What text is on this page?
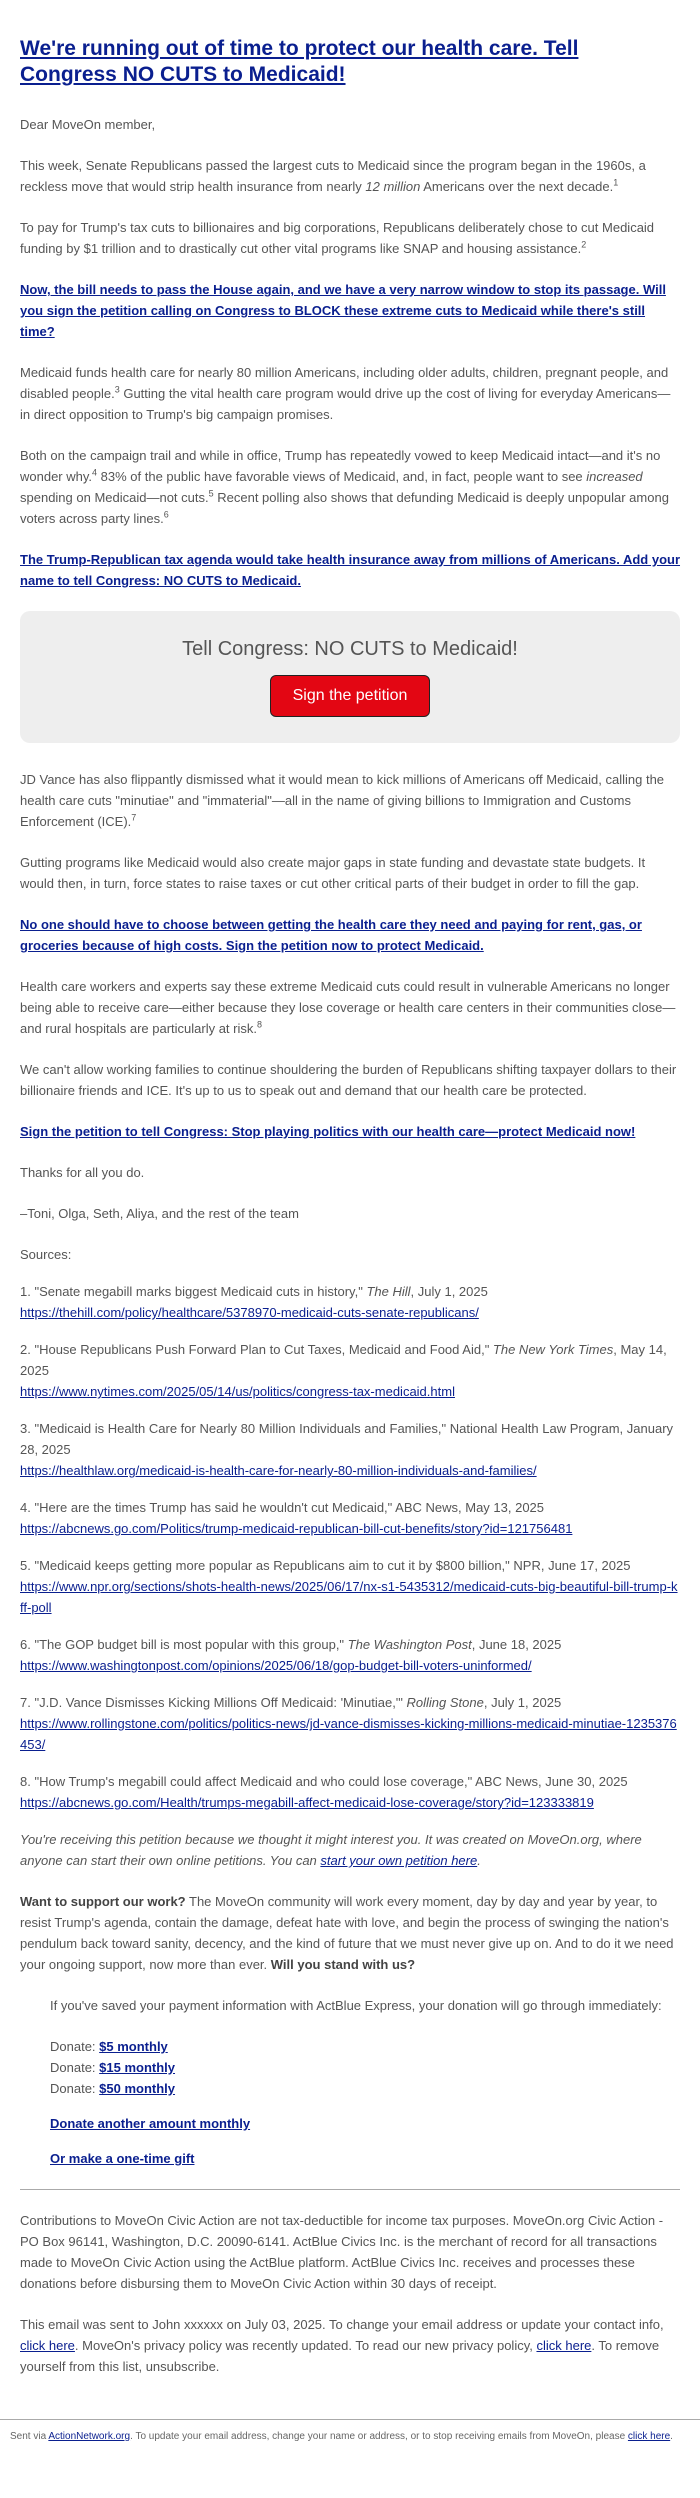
We're running out of time to protect our health care. Tell Congress NO CUTS to Medicaid!

Dear MoveOn member,

This week, Senate Republicans passed the largest cuts to Medicaid since the program began in the 1960s, a reckless move that would strip health insurance from nearly 12 million Americans over the next decade.$^1$

To pay for Trump's tax cuts to billionaires and big corporations, Republicans deliberately chose to cut Medicaid funding by $1 trillion and to drastically cut other vital programs like SNAP and housing assistance.$^2$

Now, the bill needs to pass the House again, and we have a very narrow window to stop its passage. Will you sign the petition calling on Congress to BLOCK these extreme cuts to Medicaid while there's still time?

Medicaid funds health care for nearly 80 million Americans, including older adults, children, pregnant people, and disabled people.$^3$ Gutting the vital health care program would drive up the cost of living for everyday Americans—in direct opposition to Trump's big campaign promises.

Both on the campaign trail and while in office, Trump has repeatedly vowed to keep Medicaid intact—and it's no wonder why.$^4$ 83% of the public have favorable views of Medicaid, and, in fact, people want to see increased spending on Medicaid—not cuts.$^5$ Recent polling also shows that defunding Medicaid is deeply unpopular among voters across party lines.$^6$

The Trump-Republican tax agenda would take health insurance away from millions of Americans. Add your name to tell Congress: NO CUTS to Medicaid.
Tell Congress: NO CUTS to Medicaid!
Sign the petition

JD Vance has also flippantly dismissed what it would mean to kick millions of Americans off Medicaid, calling the health care cuts "minutiae" and "immaterial"—all in the name of giving billions to Immigration and Customs Enforcement (ICE).$^7$

Gutting programs like Medicaid would also create major gaps in state funding and devastate state budgets. It would then, in turn, force states to raise taxes or cut other critical parts of their budget in order to fill the gap.

No one should have to choose between getting the health care they need and paying for rent, gas, or groceries because of high costs. Sign the petition now to protect Medicaid.

Health care workers and experts say these extreme Medicaid cuts could result in vulnerable Americans no longer being able to receive care—either because they lose coverage or health care centers in their communities close—and rural hospitals are particularly at risk.$^8$

We can't allow working families to continue shouldering the burden of Republicans shifting taxpayer dollars to their billionaire friends and ICE. It's up to us to speak out and demand that our health care be protected.

Sign the petition to tell Congress: Stop playing politics with our health care—protect Medicaid now!

Thanks for all you do.

–Toni, Olga, Seth, Aliya, and the rest of the team

Sources:

1. "Senate megabill marks biggest Medicaid cuts in history," The Hill, July 1, 2025
https://thehill.com/policy/healthcare/5378970-medicaid-cuts-senate-republicans/
2. "House Republicans Push Forward Plan to Cut Taxes, Medicaid and Food Aid," The New York Times, May 14, 2025
https://www.nytimes.com/2025/05/14/us/politics/congress-tax-medicaid.html
3. "Medicaid is Health Care for Nearly 80 Million Individuals and Families," National Health Law Program, January 28, 2025
https://healthlaw.org/medicaid-is-health-care-for-nearly-80-million-individuals-and-families/
4. "Here are the times Trump has said he wouldn't cut Medicaid," ABC News, May 13, 2025
https://abcnews.go.com/Politics/trump-medicaid-republican-bill-cut-benefits/story?id=121756481
5. "Medicaid keeps getting more popular as Republicans aim to cut it by $800 billion," NPR, June 17, 2025
https://www.npr.org/sections/shots-health-news/2025/06/17/nx-s1-5435312/medicaid-cuts-big-beautiful-bill-trump-kff-poll
6. "The GOP budget bill is most popular with this group," The Washington Post, June 18, 2025
https://www.washingtonpost.com/opinions/2025/06/18/gop-budget-bill-voters-uninformed/
7. "J.D. Vance Dismisses Kicking Millions Off Medicaid: 'Minutiae,'" Rolling Stone, July 1, 2025
https://www.rollingstone.com/politics/politics-news/jd-vance-dismisses-kicking-millions-medicaid-minutiae-1235376453/
8. "How Trump's megabill could affect Medicaid and who could lose coverage," ABC News, June 30, 2025
https://abcnews.go.com/Health/trumps-megabill-affect-medicaid-lose-coverage/story?id=123333819

You're receiving this petition because we thought it might interest you. It was created on MoveOn.org, where anyone can start their own online petitions. You can start your own petition here.

Want to support our work? The MoveOn community will work every moment, day by day and year by year, to resist Trump's agenda, contain the damage, defeat hate with love, and begin the process of swinging the nation's pendulum back toward sanity, decency, and the kind of future that we must never give up on. And to do it we need your ongoing support, now more than ever. Will you stand with us?

If you've saved your payment information with ActBlue Express, your donation will go through immediately:

Donate: $5 monthly
Donate: $15 monthly
Donate: $50 monthly
Donate another amount monthly
Or make a one-time gift

Contributions to MoveOn Civic Action are not tax-deductible for income tax purposes. MoveOn.org Civic Action - PO Box 96141, Washington, D.C. 20090-6141. ActBlue Civics Inc. is the merchant of record for all transactions made to MoveOn Civic Action using the ActBlue platform. ActBlue Civics Inc. receives and processes these donations before disbursing them to MoveOn Civic Action within 30 days of receipt.

This email was sent to John xxxxxx on July 03, 2025. To change your email address or update your contact info, click here. MoveOn's privacy policy was recently updated. To read our new privacy policy, click here. To remove yourself from this list, unsubscribe.

Sent via ActionNetwork.org. To update your email address, change your name or address, or to stop receiving emails from MoveOn, please click here.
